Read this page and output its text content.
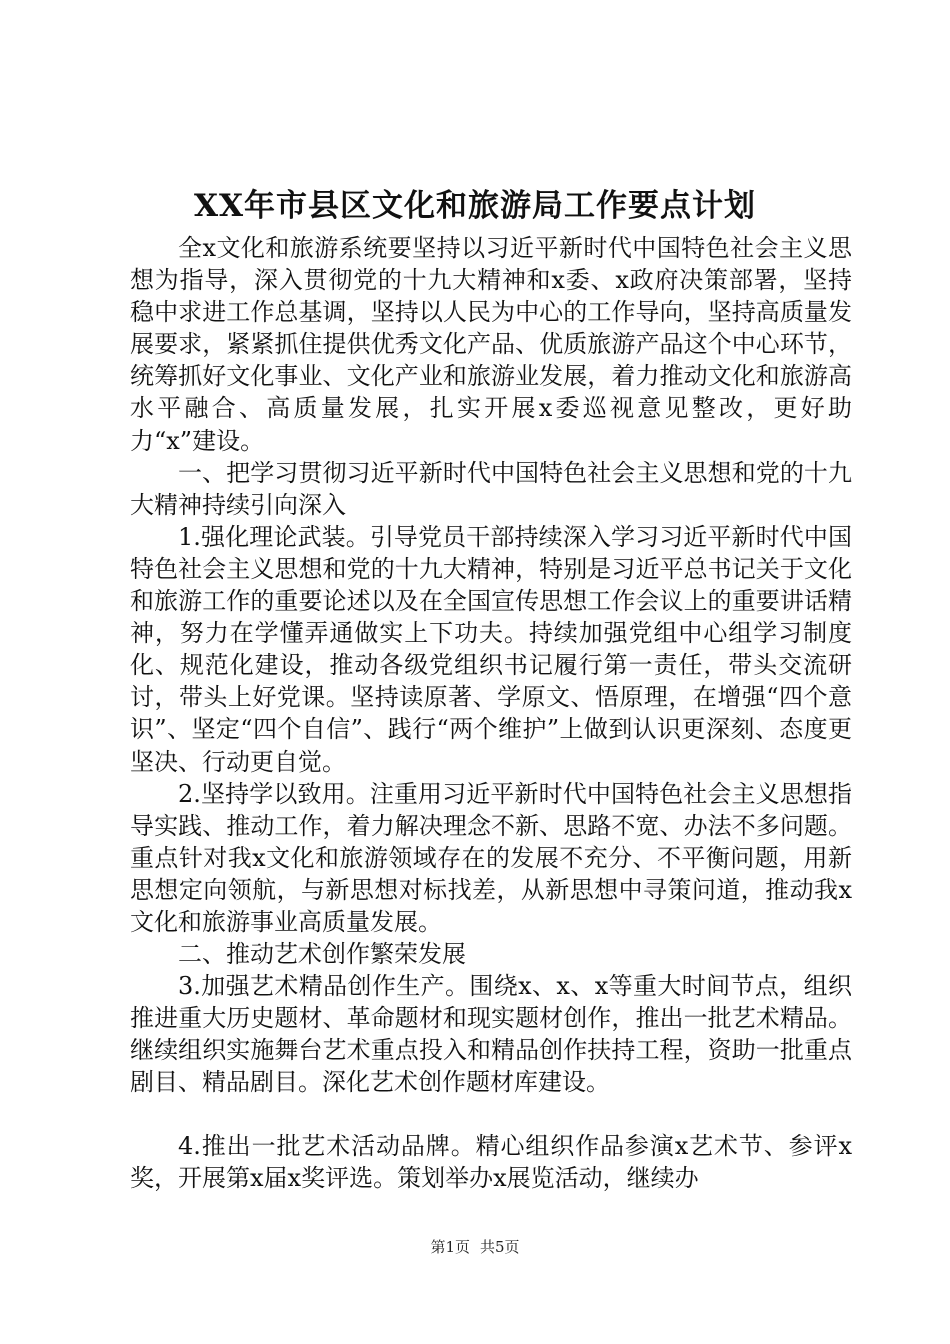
XX年市县区文化和旅游局工作要点计划

全x文化和旅游系统要坚持以习近平新时代中国特色社会主义思想为指导，深入贯彻党的十九大精神和x委、x政府决策部署，坚持稳中求进工作总基调，坚持以人民为中心的工作导向，坚持高质量发展要求，紧紧抓住提供优秀文化产品、优质旅游产品这个中心环节，统筹抓好文化事业、文化产业和旅游业发展，着力推动文化和旅游高水平融合、高质量发展，扎实开展x委巡视意见整改，更好助力“x”建设。

一、把学习贯彻习近平新时代中国特色社会主义思想和党的十九大精神持续引向深入

1.强化理论武装。引导党员干部持续深入学习习近平新时代中国特色社会主义思想和党的十九大精神，特别是习近平总书记关于文化和旅游工作的重要论述以及在全国宣传思想工作会议上的重要讲话精神，努力在学懂弄通做实上下功夫。持续加强党组中心组学习制度化、规范化建设，推动各级党组织书记履行第一责任，带头交流研讨，带头上好党课。坚持读原著、学原文、悟原理，在增强“四个意识”、坚定“四个自信”、践行“两个维护”上做到认识更深刻、态度更坚决、行动更自觉。

2.坚持学以致用。注重用习近平新时代中国特色社会主义思想指导实践、推动工作，着力解决理念不新、思路不宽、办法不多问题。重点针对我x文化和旅游领域存在的发展不充分、不平衡问题，用新思想定向领航，与新思想对标找差，从新思想中寻策问道，推动我x文化和旅游事业高质量发展。

二、推动艺术创作繁荣发展

3.加强艺术精品创作生产。围绕x、x、x等重大时间节点，组织推进重大历史题材、革命题材和现实题材创作，推出一批艺术精品。继续组织实施舞台艺术重点投入和精品创作扶持工程，资助一批重点剧目、精品剧目。深化艺术创作题材库建设。

4.推出一批艺术活动品牌。精心组织作品参演x艺术节、参评x奖，开展第x届x奖评选。策划举办x展览活动，继续办

第1页 共5页
